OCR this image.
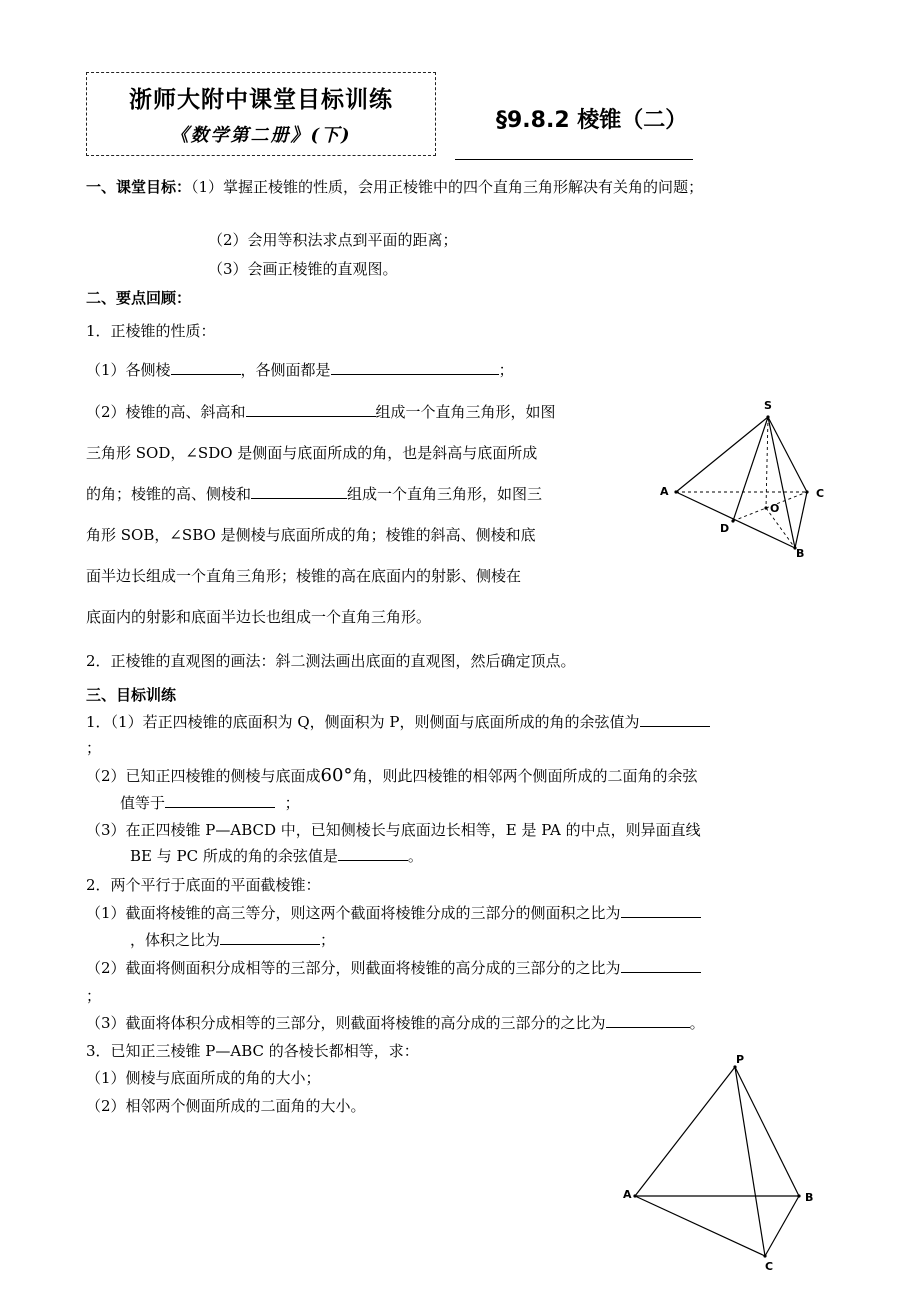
浙师大附中课堂目标训练
《数学第二册》(下)
§9.8.2 棱锥（二）
一、课堂目标：（1）掌握正棱锥的性质，会用正棱锥中的四个直角三角形解决有关角的问题；
（2）会用等积法求点到平面的距离；
（3）会画正棱锥的直观图。
二、要点回顾：
1．正棱锥的性质：
（1）各侧棱	，各侧面都是	；
（2）棱锥的高、斜高和	组成一个直角三角形，如图
三角形 SOD，∠SDO 是侧面与底面所成的角，也是斜高与底面所成
的角；棱锥的高、侧棱和	组成一个直角三角形，如图三
角形 SOB，∠SBO 是侧棱与底面所成的角；棱锥的斜高、侧棱和底
面半边长组成一个直角三角形；棱锥的高在底面内的射影、侧棱在
底面内的射影和底面半边长也组成一个直角三角形。
2．正棱锥的直观图的画法：斜二测法画出底面的直观图，然后确定顶点。
S
A	C
O
D
B
三、目标训练
1．（1）若正四棱锥的底面积为 Q，侧面积为 P，则侧面与底面所成的角的余弦值为
；
（2）已知正四棱锥的侧棱与底面成60°角，则此四棱锥的相邻两个侧面所成的二面角的余弦
值等于	；
（3）在正四棱锥 P—ABCD 中，已知侧棱长与底面边长相等，E 是 PA 的中点，则异面直线
BE 与 PC 所成的角的余弦值是	。
2．两个平行于底面的平面截棱锥：
（1）截面将棱锥的高三等分，则这两个截面将棱锥分成的三部分的侧面积之比为
，体积之比为	；
（2）截面将侧面积分成相等的三部分，则截面将棱锥的高分成的三部分的之比为
；
（3）截面将体积分成相等的三部分，则截面将棱锥的高分成的三部分的之比为	。
3．已知正三棱锥 P—ABC 的各棱长都相等，求：
（1）侧棱与底面所成的角的大小；
（2）相邻两个侧面所成的二面角的大小。
P
A	B
C
